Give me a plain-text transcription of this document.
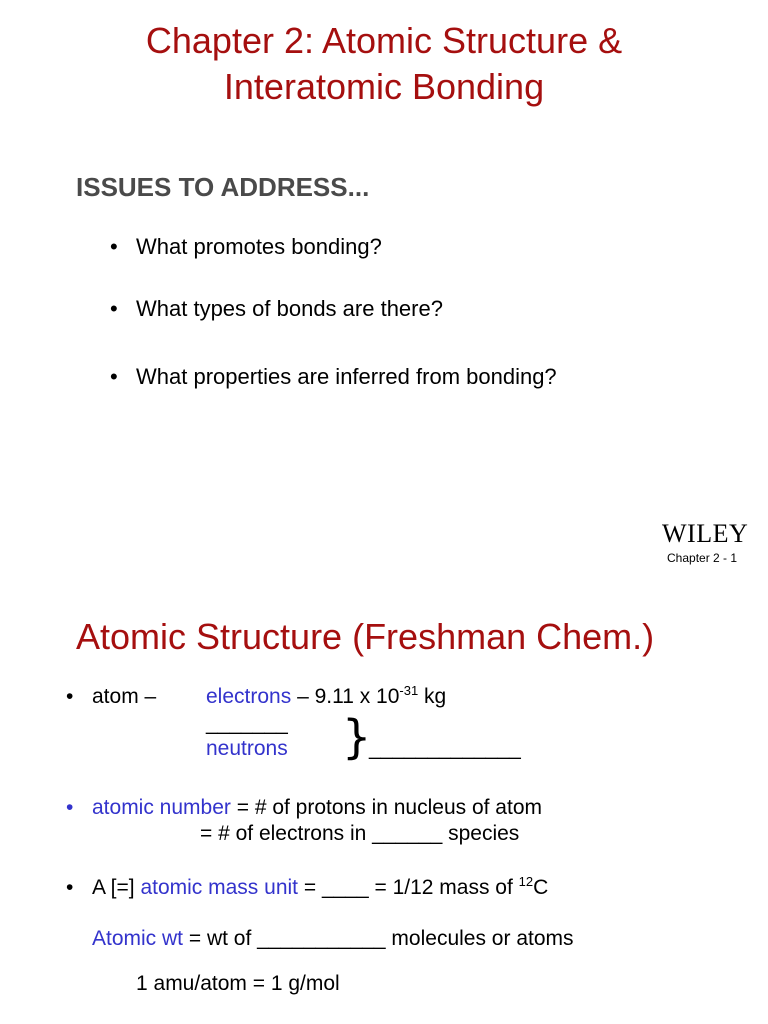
Chapter 2: Atomic Structure &
Interatomic Bonding
ISSUES TO ADDRESS...
• What promotes bonding?
• What types of bonds are there?
• What properties are inferred from bonding?
WILEY
Chapter 2 - 1
Atomic Structure (Freshman Chem.)
• atom – electrons – 9.11 x $10^{-31}$ kg
_______
neutrons }
_____________
• atomic number = # of protons in nucleus of atom
= # of electrons in ______ species
• A [=] atomic mass unit = ____ = 1/12 mass of $^{12}$C
Atomic wt = wt of ___________ molecules or atoms
1 amu/atom = 1 g/mol
